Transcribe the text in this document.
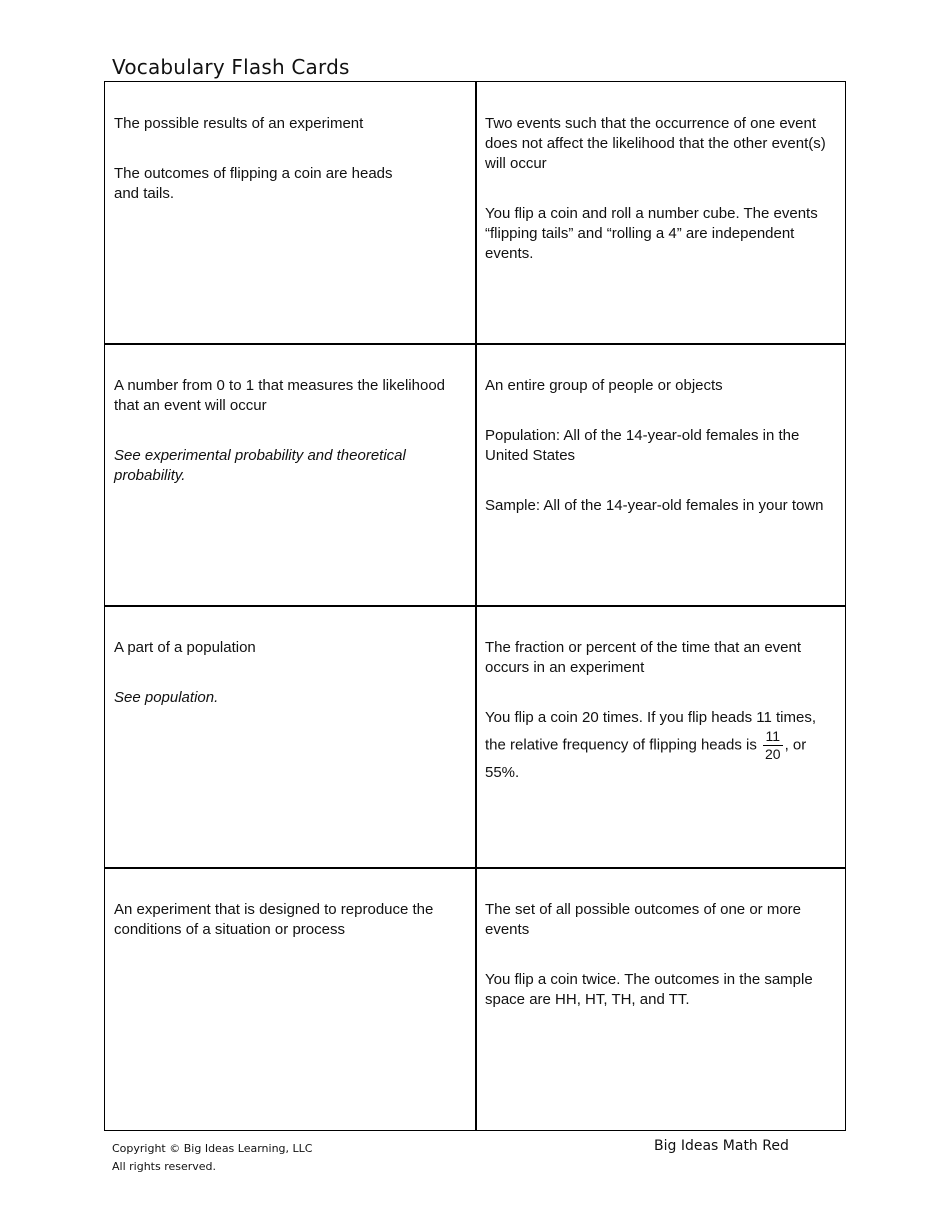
Vocabulary Flash Cards

The possible results of an experiment

The outcomes of flipping a coin are heads and tails.

Two events such that the occurrence of one event does not affect the likelihood that the other event(s) will occur

You flip a coin and roll a number cube. The events “flipping tails” and “rolling a 4” are independent events.

A number from 0 to 1 that measures the likelihood that an event will occur

See experimental probability and theoretical probability.

An entire group of people or objects

Population: All of the 14-year-old females in the United States

Sample: All of the 14-year-old females in your town

A part of a population

See population.

The fraction or percent of the time that an event occurs in an experiment

You flip a coin 20 times. If you flip heads 11 times, the relative frequency of flipping heads is $\frac{11}{20}$ , or 55%.

An experiment that is designed to reproduce the conditions of a situation or process

The set of all possible outcomes of one or more events

You flip a coin twice. The outcomes in the sample space are HH, HT, TH, and TT.

Copyright © Big Ideas Learning, LLC
All rights reserved.
Big Ideas Math Red
